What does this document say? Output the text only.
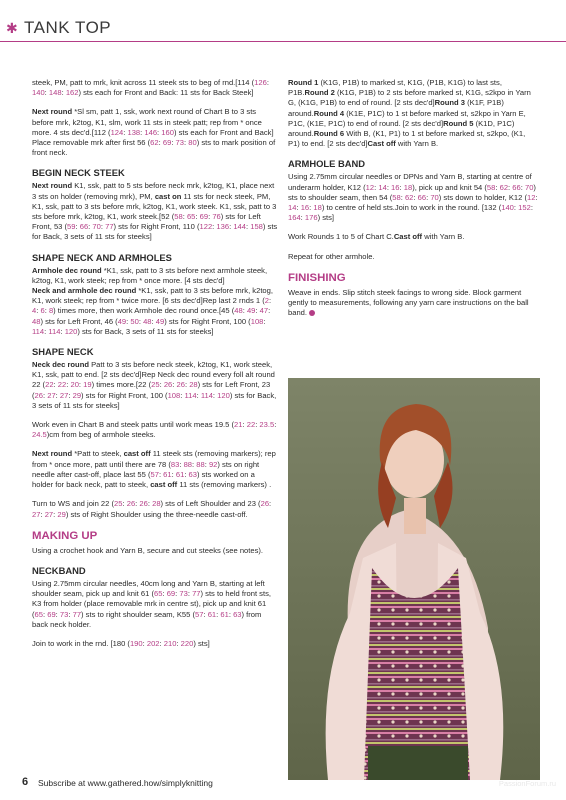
✱ TANK TOP

steek, PM, patt to mrk, knit across 11 steek sts to beg of rnd.[114 (126: 140: 148: 162) sts each for Front and Back: 11 sts for Back Steek]

Next round *Sl sm, patt 1, ssk, work next round of Chart B to 3 sts before mrk, k2tog, K1, slm, work 11 sts in steek patt; rep from * once more. 4 sts dec'd.[112 (124: 138: 146: 160) sts each for Front and Back] Place removable mrk after first 56 (62: 69: 73: 80) sts to mark position of front neck.

BEGIN NECK STEEK

Next round K1, ssk, patt to 5 sts before neck mrk, k2tog, K1, place next 3 sts on holder (removing mrk), PM, cast on 11 sts for neck steek, PM, K1, ssk, patt to 3 sts before mrk, k2tog, K1, work steek. K1, ssk, patt to 3 sts before mrk, k2tog, K1, work steek.[52 (58: 65: 69: 76) sts for Left Front, 53 (59: 66: 70: 77) sts for Right Front, 110 (122: 136: 144: 158) sts for Back, 3 sets of 11 sts for steeks]

SHAPE NECK AND ARMHOLES

Armhole dec round *K1, ssk, patt to 3 sts before next armhole steek, k2tog, K1, work steek; rep from * once more. [4 sts dec'd]

Neck and armhole dec round *K1, ssk, patt to 3 sts before mrk, k2tog, K1, work steek; rep from * twice more. [6 sts dec'd]Rep last 2 rnds 1 (2: 4: 6: 8) times more, then work Armhole dec round once.[45 (48: 49: 47: 48) sts for Left Front, 46 (49: 50: 48: 49) sts for Right Front, 100 (108: 114: 114: 120) sts for Back, 3 sets of 11 sts for steeks]

SHAPE NECK

Neck dec round Patt to 3 sts before neck steek, k2tog, K1, work steek, K1, ssk, patt to end. [2 sts dec'd]Rep Neck dec round every foll alt round 22 (22: 22: 20: 19) times more.[22 (25: 26: 26: 28) sts for Left Front, 23 (26: 27: 27: 29) sts for Right Front, 100 (108: 114: 114: 120) sts for Back, 3 sets of 11 sts for steeks]

Work even in Chart B and steek patts until work meas 19.5 (21: 22: 23.5: 24.5)cm from beg of armhole steeks.

Next round *Patt to steek, cast off 11 steek sts (removing markers); rep from * once more, patt until there are 78 (83: 88: 88: 92) sts on right needle after cast-off, place last 55 (57: 61: 61: 63) sts worked on a holder for back neck, patt to steek, cast off 11 sts (removing markers) .

Turn to WS and join 22 (25: 26: 26: 28) sts of Left Shoulder and 23 (26: 27: 27: 29) sts of Right Shoulder using the three-needle cast-off.

MAKING UP

Using a crochet hook and Yarn B, secure and cut steeks (see notes).

NECKBAND

Using 2.75mm circular needles, 40cm long and Yarn B, starting at left shoulder seam, pick up and knit 61 (65: 69: 73: 77) sts to held front sts, K3 from holder (place removable mrk in centre st), pick up and knit 61 (65: 69: 73: 77) sts to right shoulder seam, K55 (57: 61: 61: 63) from back neck holder.

Join to work in the rnd. [180 (190: 202: 210: 220) sts]

Round 1 (K1G, P1B) to marked st, K1G, (P1B, K1G) to last sts, P1B.Round 2 (K1G, P1B) to 2 sts before marked st, K1G, s2kpo in Yarn G, (K1G, P1B) to end of round. [2 sts dec'd]Round 3 (K1F, P1B) around.Round 4 (K1E, P1C) to 1 st before marked st, s2kpo in Yarn E, P1C, (K1E, P1C) to end of round. [2 sts dec'd]Round 5 (K1D, P1C) around.Round 6 With B, (K1, P1) to 1 st before marked st, s2kpo, (K1, P1) to end. [2 sts dec'd]Cast off with Yarn B.

ARMHOLE BAND

Using 2.75mm circular needles or DPNs and Yarn B, starting at centre of underarm holder, K12 (12: 14: 16: 18), pick up and knit 54 (58: 62: 66: 70) sts to shoulder seam, then 54 (58: 62: 66: 70) sts down to holder, K12 (12: 14: 16: 18) to centre of held sts.Join to work in the round. [132 (140: 152: 164: 176) sts]

Work Rounds 1 to 5 of Chart C.Cast off with Yarn B.

Repeat for other armhole.

FINISHING

Weave in ends. Slip stitch steek facings to wrong side. Block garment gently to measurements, following any yarn care instructions on the ball band.

6 Subscribe at www.gathered.how/simplyknitting	PassionForum.ru
